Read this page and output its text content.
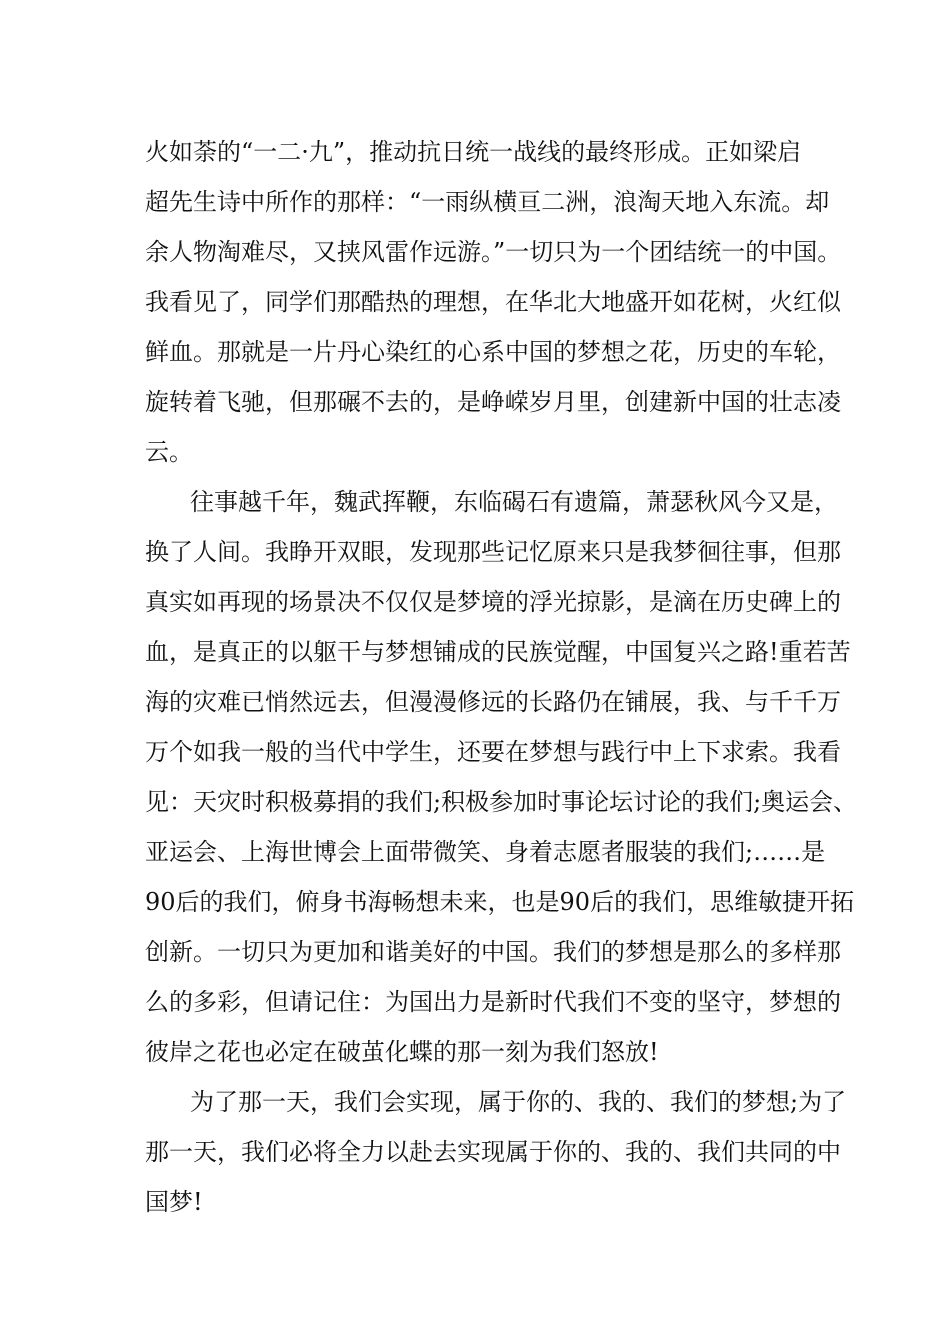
火如荼的“一二·九”，推动抗日统一战线的最终形成。正如梁启

超先生诗中所作的那样：“一雨纵横亘二洲，浪淘天地入东流。却

余人物淘难尽，又挟风雷作远游。”一切只为一个团结统一的中国。

我看见了，同学们那酷热的理想，在华北大地盛开如花树，火红似

鲜血。那就是一片丹心染红的心系中国的梦想之花，历史的车轮，

旋转着飞驰，但那碾不去的，是峥嵘岁月里，创建新中国的壮志凌

云。

往事越千年，魏武挥鞭，东临碣石有遗篇，萧瑟秋风今又是，

换了人间。我睁开双眼，发现那些记忆原来只是我梦徊往事，但那

真实如再现的场景决不仅仅是梦境的浮光掠影，是滴在历史碑上的

血，是真正的以躯干与梦想铺成的民族觉醒，中国复兴之路!重若苦

海的灾难已悄然远去，但漫漫修远的长路仍在铺展，我、与千千万

万个如我一般的当代中学生，还要在梦想与践行中上下求索。我看

见：天灾时积极募捐的我们;积极参加时事论坛讨论的我们;奥运会、

亚运会、上海世博会上面带微笑、身着志愿者服装的我们;……是

90后的我们，俯身书海畅想未来，也是90后的我们，思维敏捷开拓

创新。一切只为更加和谐美好的中国。我们的梦想是那么的多样那

么的多彩，但请记住：为国出力是新时代我们不变的坚守，梦想的

彼岸之花也必定在破茧化蝶的那一刻为我们怒放!

为了那一天，我们会实现，属于你的、我的、我们的梦想;为了

那一天，我们必将全力以赴去实现属于你的、我的、我们共同的中

国梦!
